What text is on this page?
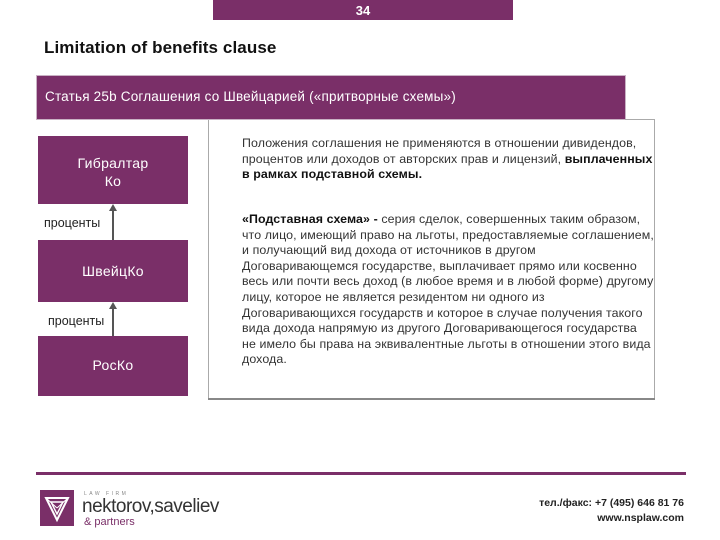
34
Limitation of benefits clause
Статья 25b Соглашения со Швейцарией («притворные схемы»)
Гибралтар
Ко
проценты
ШвейцКо
проценты
РосКо
Положения соглашения не применяются в отношении дивидендов, процентов или доходов от авторских прав и лицензий, выплаченных в рамках подставной схемы.
«Подставная схема» - серия сделок, совершенных таким образом, что лицо, имеющий право на льготы, предоставляемые соглашением, и получающий вид дохода от источников в другом Договаривающемся государстве, выплачивает прямо или косвенно весь или почти весь доход (в любое время и в любой форме) другому лицу, которое не является резидентом ни одного из Договаривающихся государств и которое в случае получения такого вида дохода напрямую из другого Договаривающегося государства не имело бы права на эквивалентные льготы в отношении этого вида дохода.
LAW FIRM
nektorov,saveliev
& partners
тел./факс: +7 (495) 646 81 76
www.nsplaw.com
